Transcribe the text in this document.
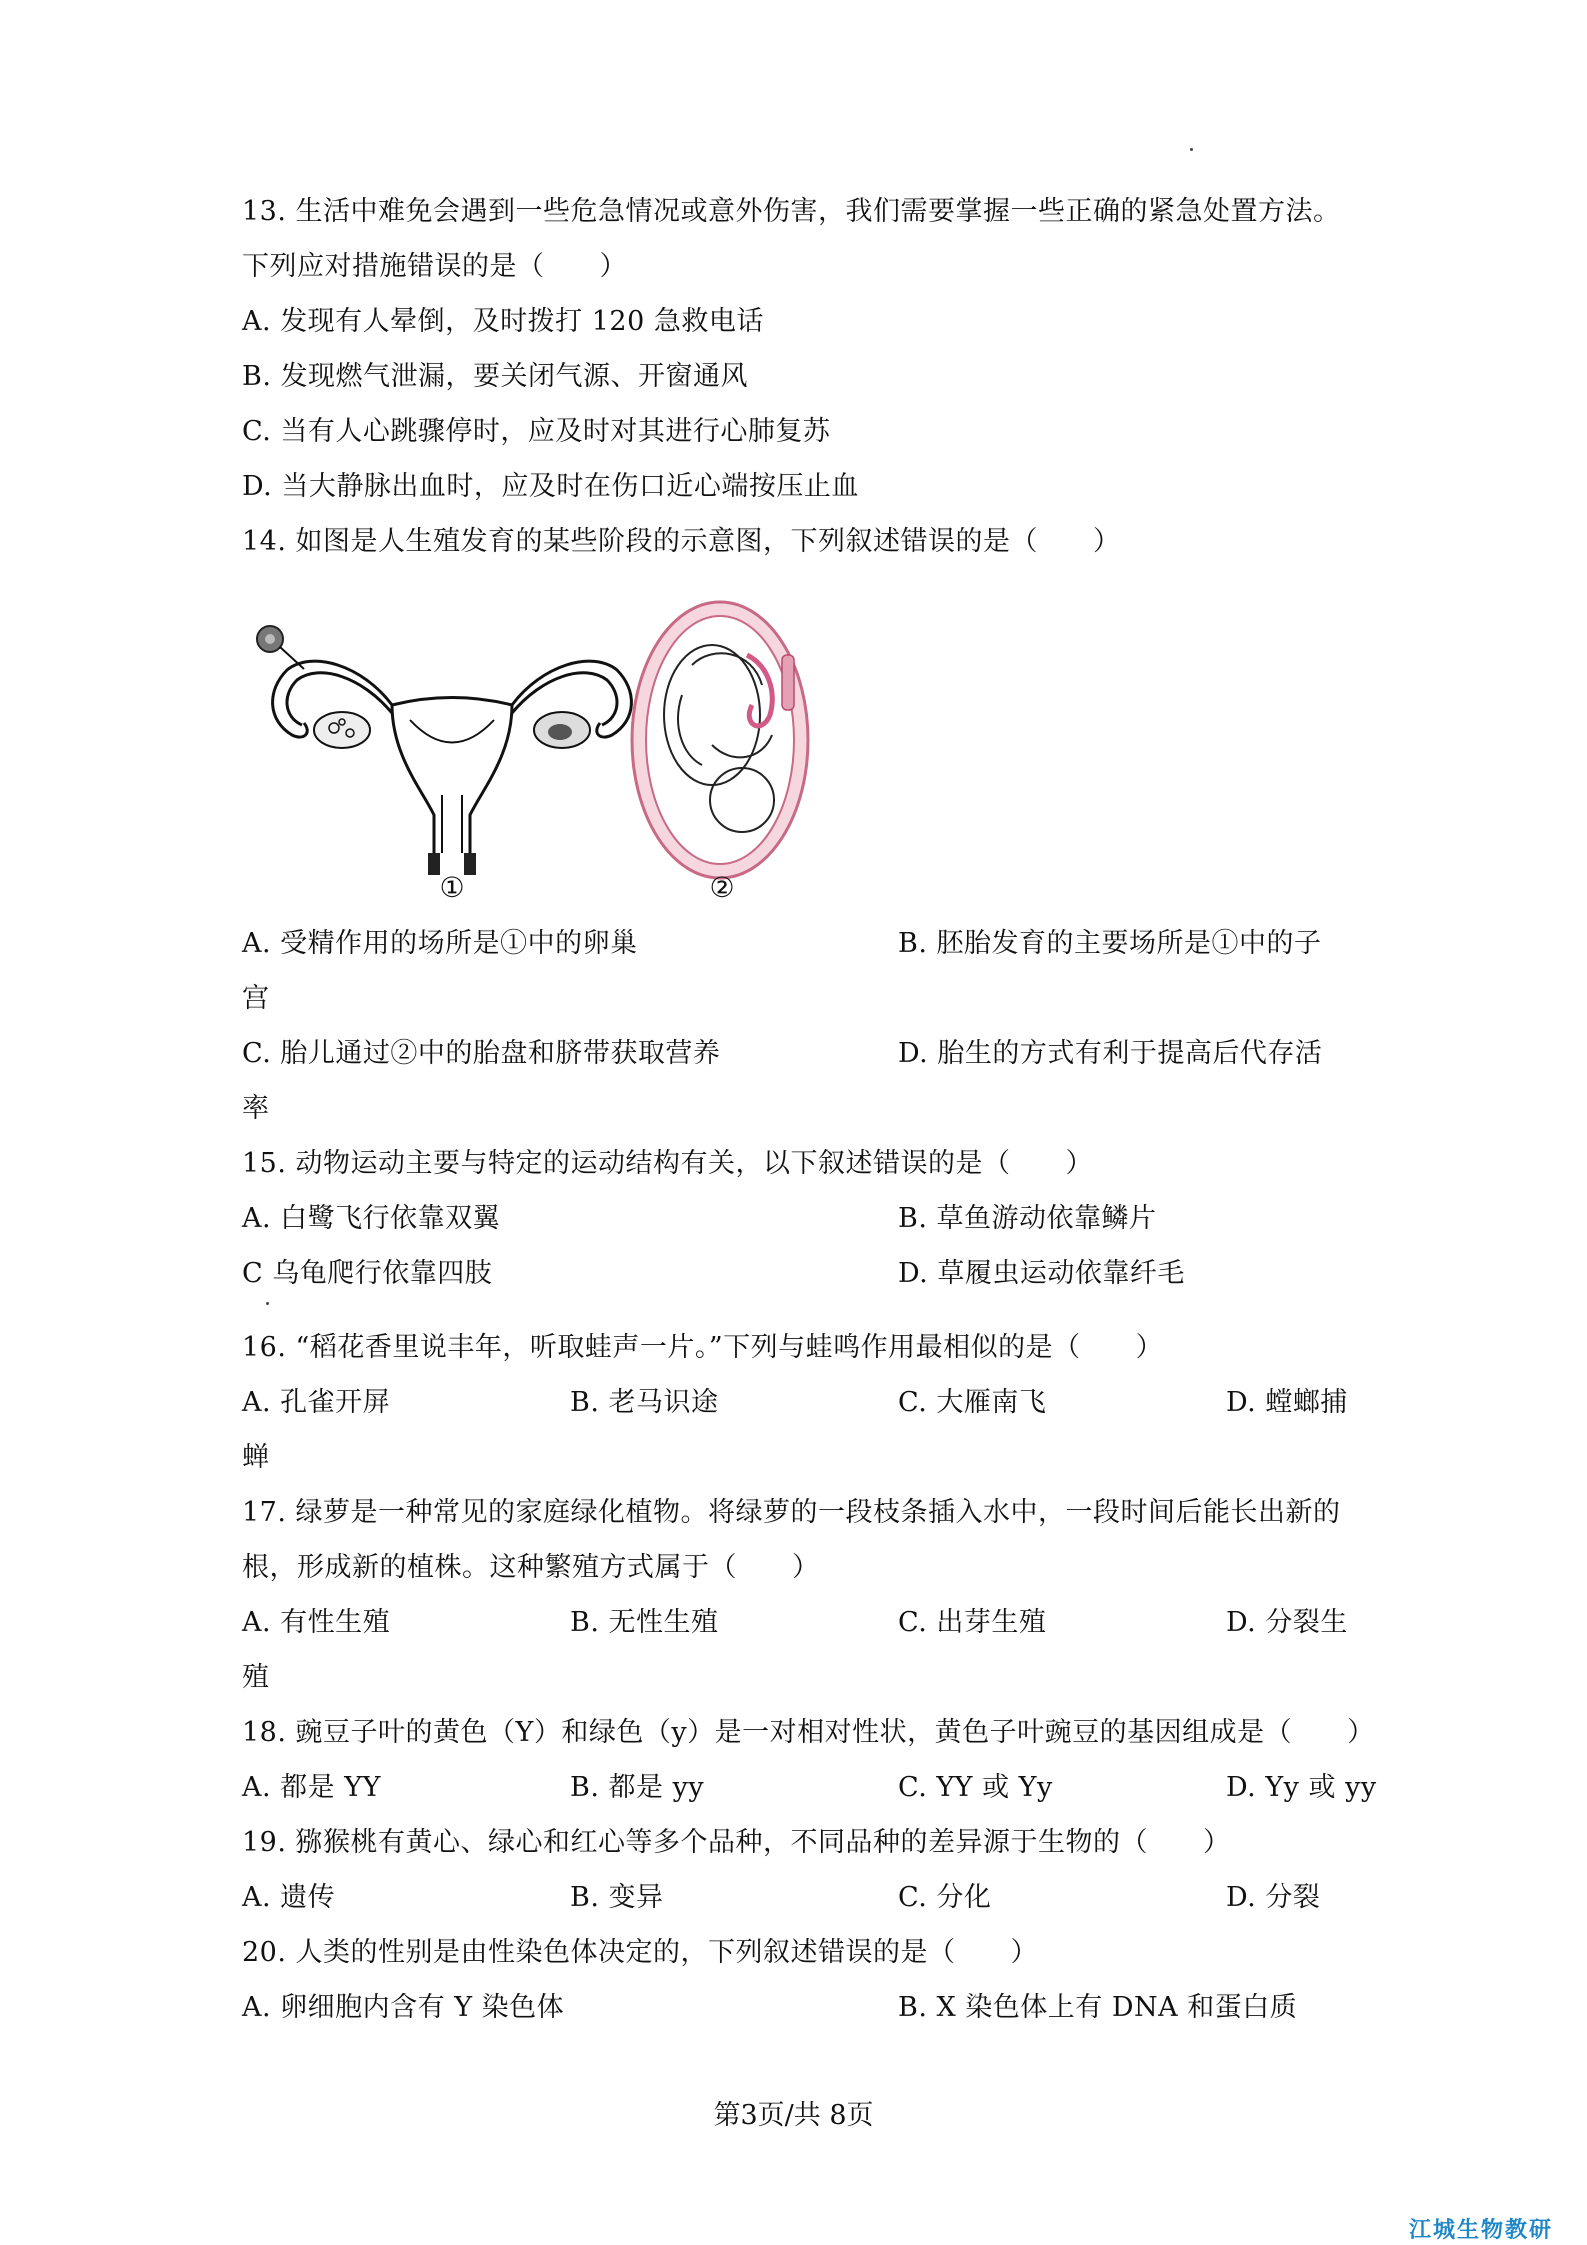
13. 生活中难免会遇到一些危急情况或意外伤害，我们需要掌握一些正确的紧急处置方法。
下列应对措施错误的是（　　）
A. 发现有人晕倒，及时拨打 120 急救电话
B. 发现燃气泄漏，要关闭气源、开窗通风
C. 当有人心跳骤停时，应及时对其进行心肺复苏
D. 当大静脉出血时，应及时在伤口近心端按压止血
14. 如图是人生殖发育的某些阶段的示意图，下列叙述错误的是（　　）
①	②
A. 受精作用的场所是①中的卵巢	B. 胚胎发育的主要场所是①中的子
宫
C. 胎儿通过②中的胎盘和脐带获取营养	D. 胎生的方式有利于提高后代存活
率
15. 动物运动主要与特定的运动结构有关，以下叙述错误的是（　　）
A. 白鹭飞行依靠双翼	B. 草鱼游动依靠鳞片
C 乌龟爬行依靠四肢	D. 草履虫运动依靠纤毛
16. “稻花香里说丰年，听取蛙声一片。”下列与蛙鸣作用最相似的是（　　）
A. 孔雀开屏	B. 老马识途	C. 大雁南飞	D. 螳螂捕
蝉
17. 绿萝是一种常见的家庭绿化植物。将绿萝的一段枝条插入水中，一段时间后能长出新的
根，形成新的植株。这种繁殖方式属于（　　）
A. 有性生殖	B. 无性生殖	C. 出芽生殖	D. 分裂生
殖
18. 豌豆子叶的黄色（Y）和绿色（y）是一对相对性状，黄色子叶豌豆的基因组成是（　　）
A. 都是 YY	B. 都是 yy	C. YY 或 Yy	D. Yy 或 yy
19. 猕猴桃有黄心、绿心和红心等多个品种，不同品种的差异源于生物的（　　）
A. 遗传	B. 变异	C. 分化	D. 分裂
20. 人类的性别是由性染色体决定的，下列叙述错误的是（　　）
A. 卵细胞内含有 Y 染色体	B. X 染色体上有 DNA 和蛋白质
第3页/共 8页
江城生物教研
